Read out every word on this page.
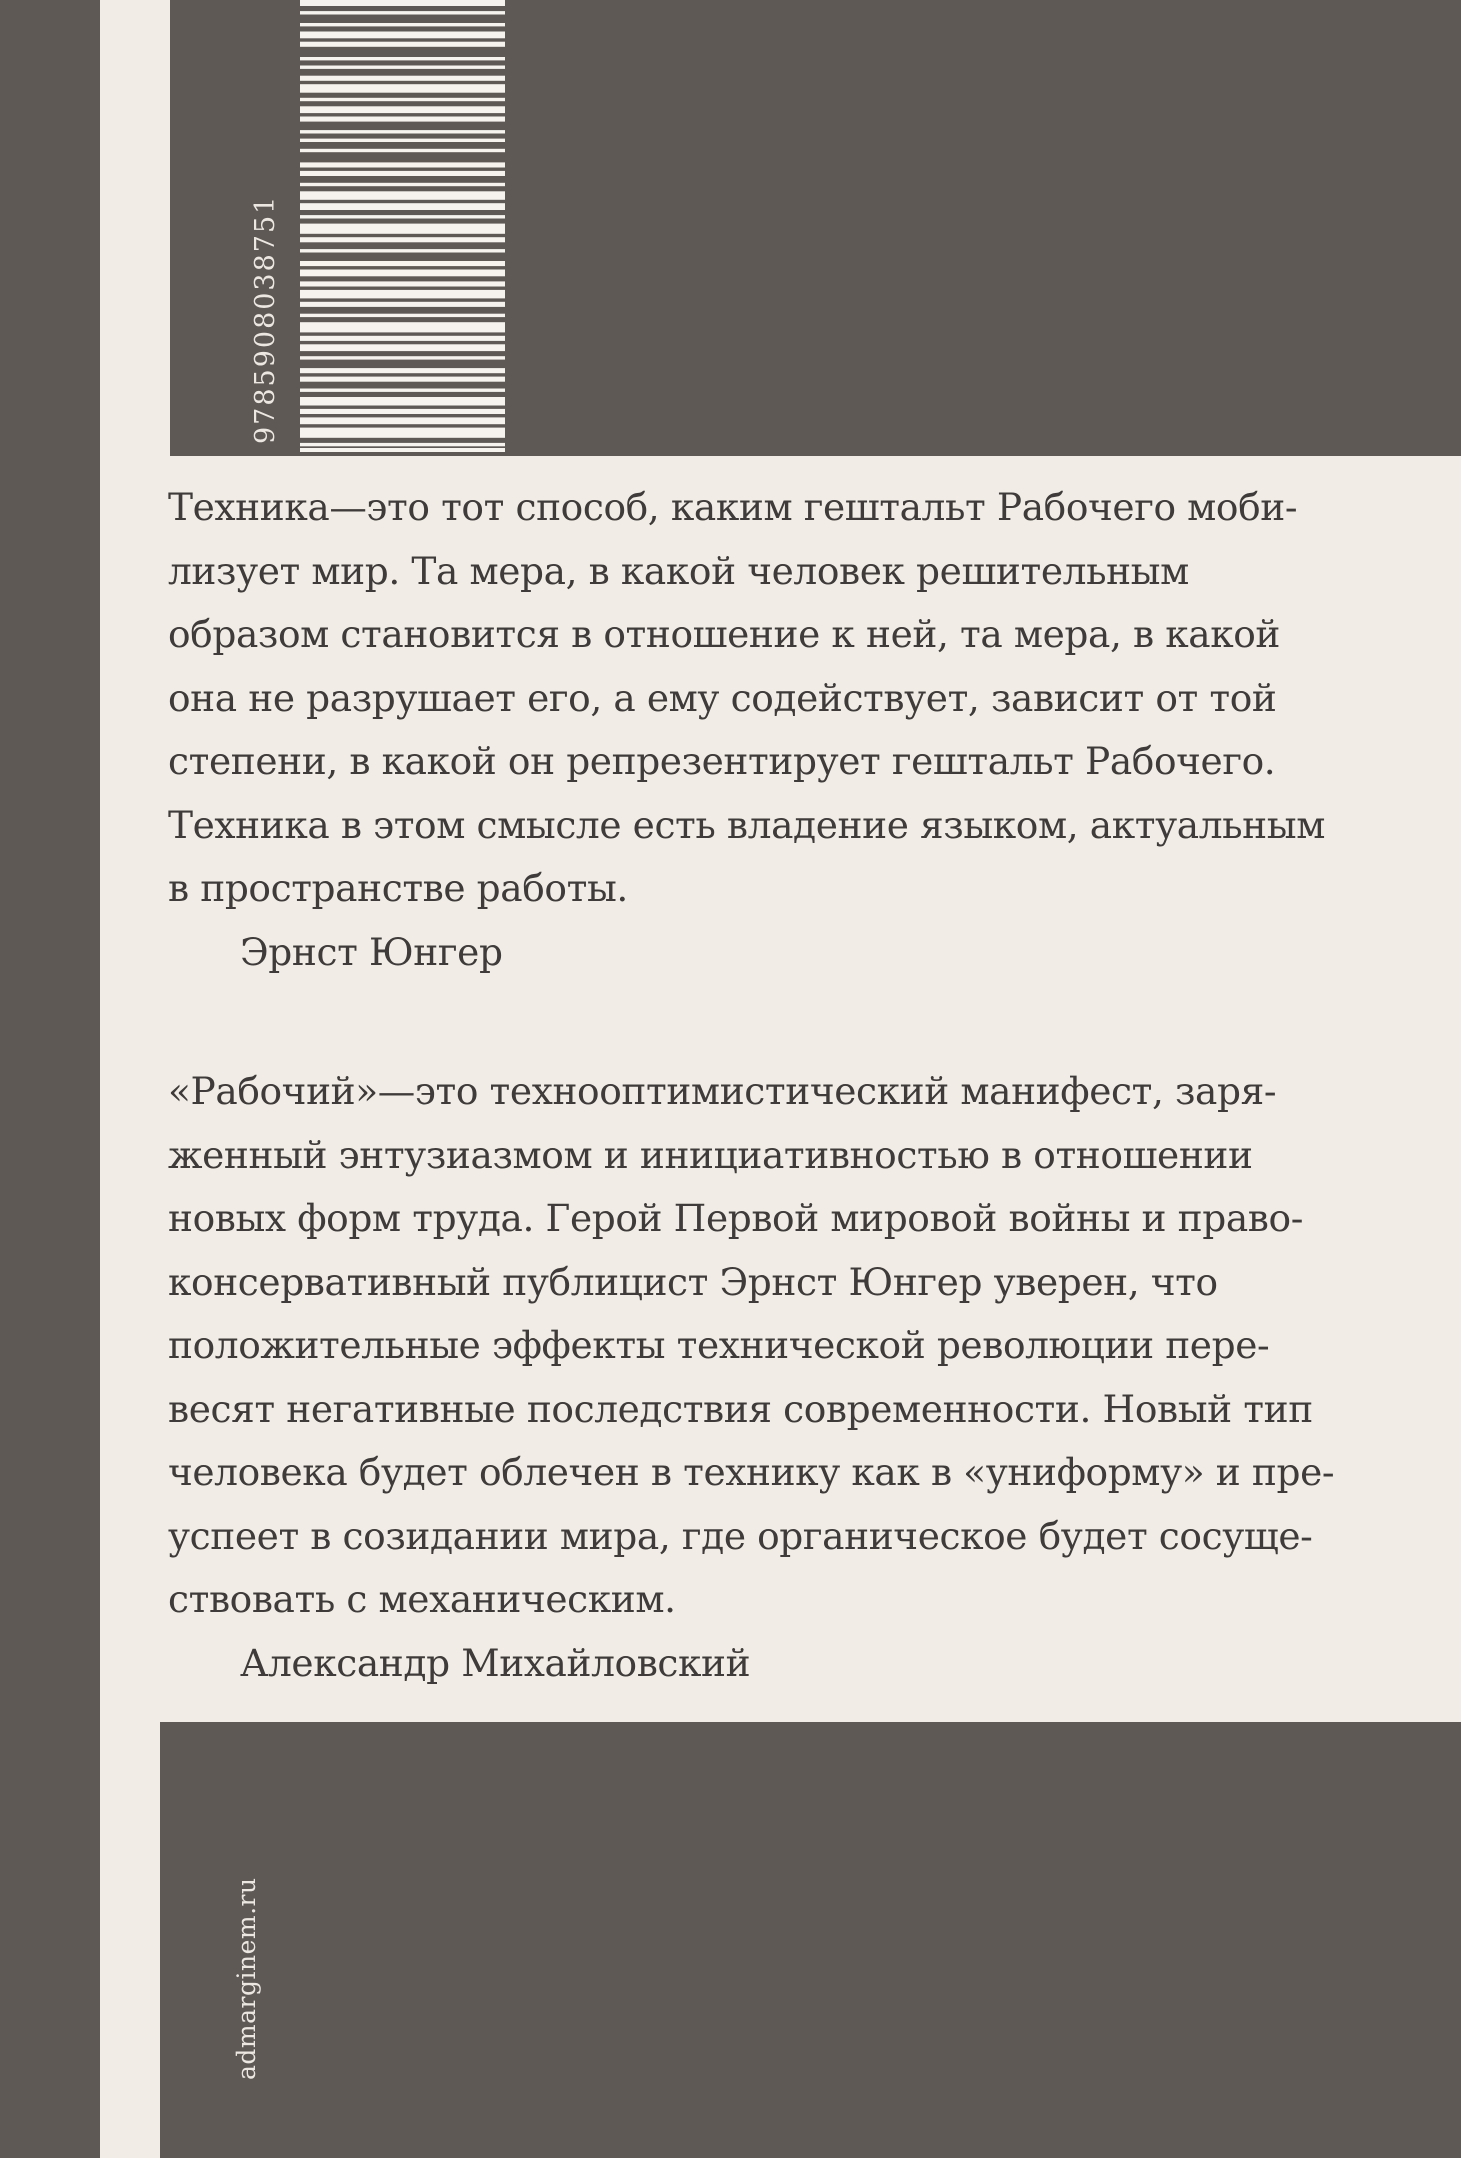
9785908038751

Техника—это тот способ, каким гештальт Рабочего моби-

лизует мир. Та мера, в какой человек решительным

образом становится в отношение к ней, та мера, в какой

она не разрушает его, а ему содействует, зависит от той

степени, в какой он репрезентирует гештальт Рабочего.

Техника в этом смысле есть владение языком, актуальным

в пространстве работы.

Эрнст Юнгер

«Рабочий»—это технооптимистический манифест, заря-

женный энтузиазмом и инициативностью в отношении

новых форм труда. Герой Первой мировой войны и право-

консервативный публицист Эрнст Юнгер уверен, что

положительные эффекты технической революции пере-

весят негативные последствия современности. Новый тип

человека будет облечен в технику как в «униформу» и пре-

успеет в созидании мира, где органическое будет сосуще-

ствовать с механическим.

Александр Михайловский

admarginem.ru
